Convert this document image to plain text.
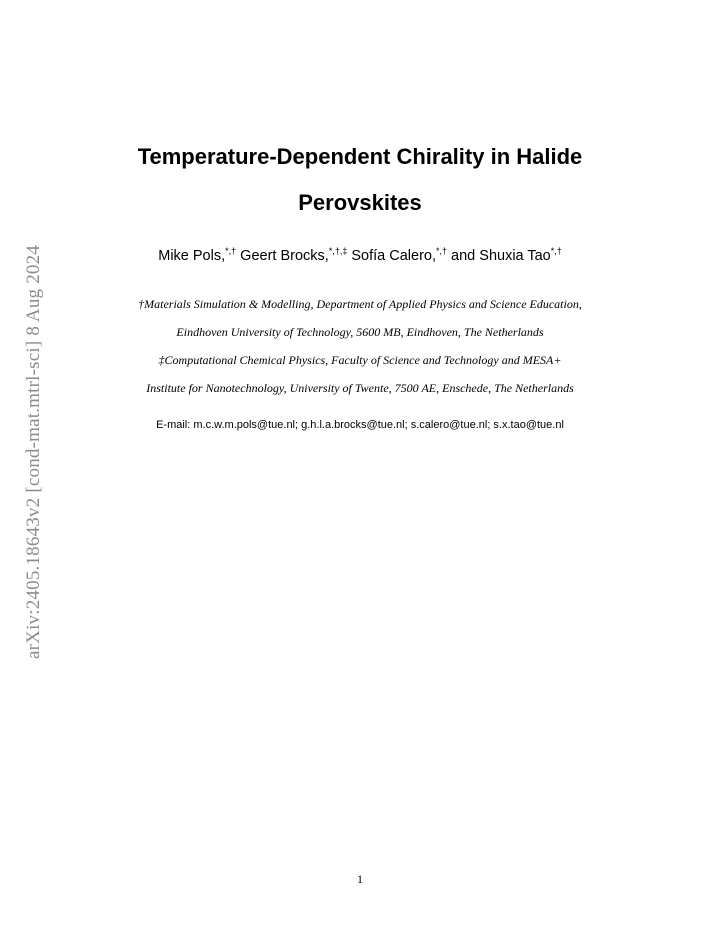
arXiv:2405.18643v2 [cond-mat.mtrl-sci] 8 Aug 2024
Temperature-Dependent Chirality in Halide
Perovskites
Mike Pols,*,† Geert Brocks,*,†,‡ Sofía Calero,*,† and Shuxia Tao*,†
†Materials Simulation & Modelling, Department of Applied Physics and Science Education,
Eindhoven University of Technology, 5600 MB, Eindhoven, The Netherlands
‡Computational Chemical Physics, Faculty of Science and Technology and MESA+
Institute for Nanotechnology, University of Twente, 7500 AE, Enschede, The Netherlands
E-mail: m.c.w.m.pols@tue.nl; g.h.l.a.brocks@tue.nl; s.calero@tue.nl; s.x.tao@tue.nl
1
